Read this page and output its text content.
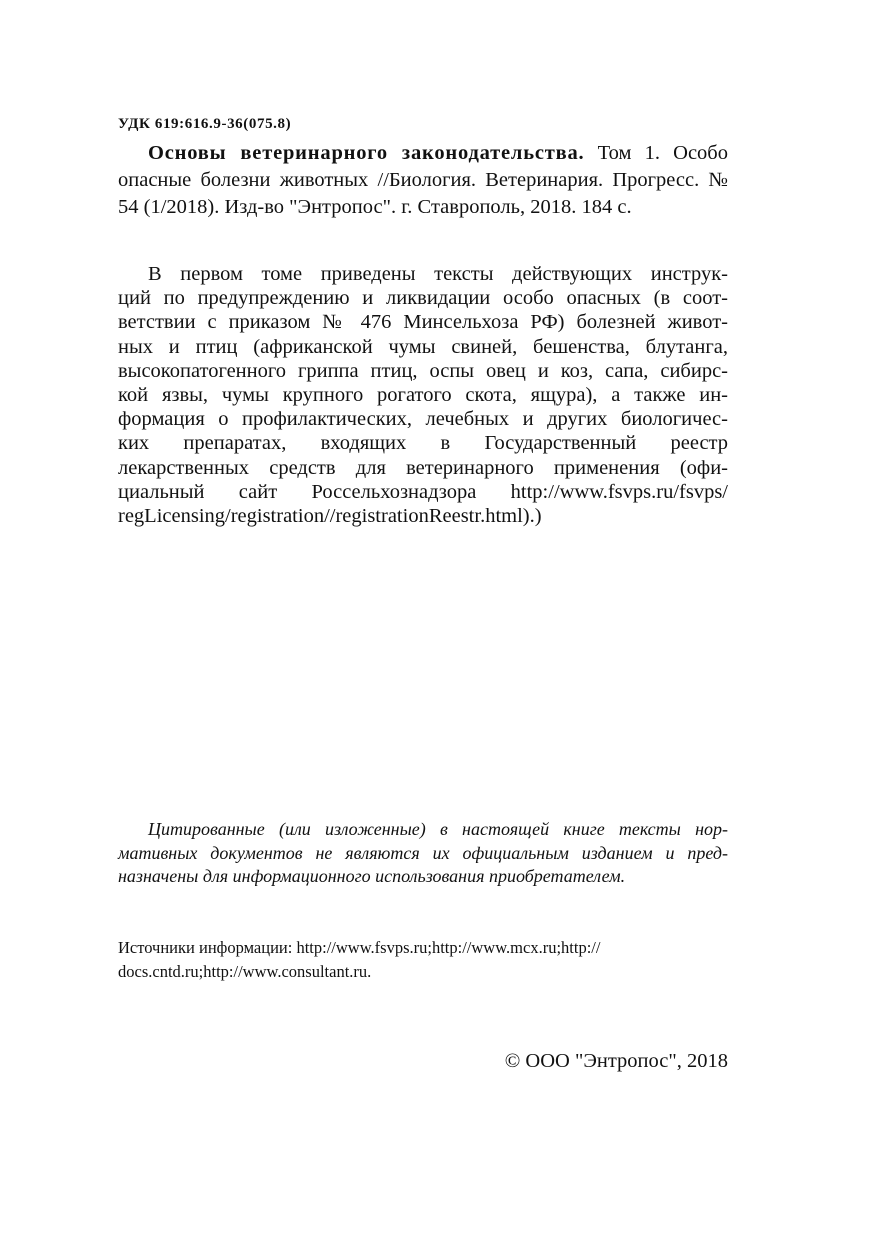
УДК 619:616.9-36(075.8)
Основы ветеринарного законодательства. Том 1. Особо опасные болезни животных //Биология. Ветеринария. Прогресс. № 54 (1/2018). Изд-во "Энтропос". г. Ставрополь, 2018. 184 с.
В первом томе приведены тексты действующих инструк-
ций по предупреждению и ликвидации особо опасных (в соот-
ветствии с приказом № 476 Минсельхоза РФ) болезней живот-
ных и птиц (африканской чумы свиней, бешенства, блутанга,
высокопатогенного гриппа птиц, оспы овец и коз, сапа, сибирс-
кой язвы, чумы крупного рогатого скота, ящура), а также ин-
формация о профилактических, лечебных и других биологичес-
ких препаратах, входящих в Государственный реестр
лекарственных средств для ветеринарного применения (офи-
циальный сайт Россельхознадзора http://www.fsvps.ru/fsvps/
regLicensing/registration//registrationReestr.html).)
Цитированные (или изложенные) в настоящей книге тексты нор-
мативных документов не являются их официальным изданием и пред-
назначены для информационного использования приобретателем.
Источники информации: http://www.fsvps.ru;http://www.mcx.ru;http://
docs.cntd.ru;http://www.consultant.ru.
© ООО "Энтропос", 2018
